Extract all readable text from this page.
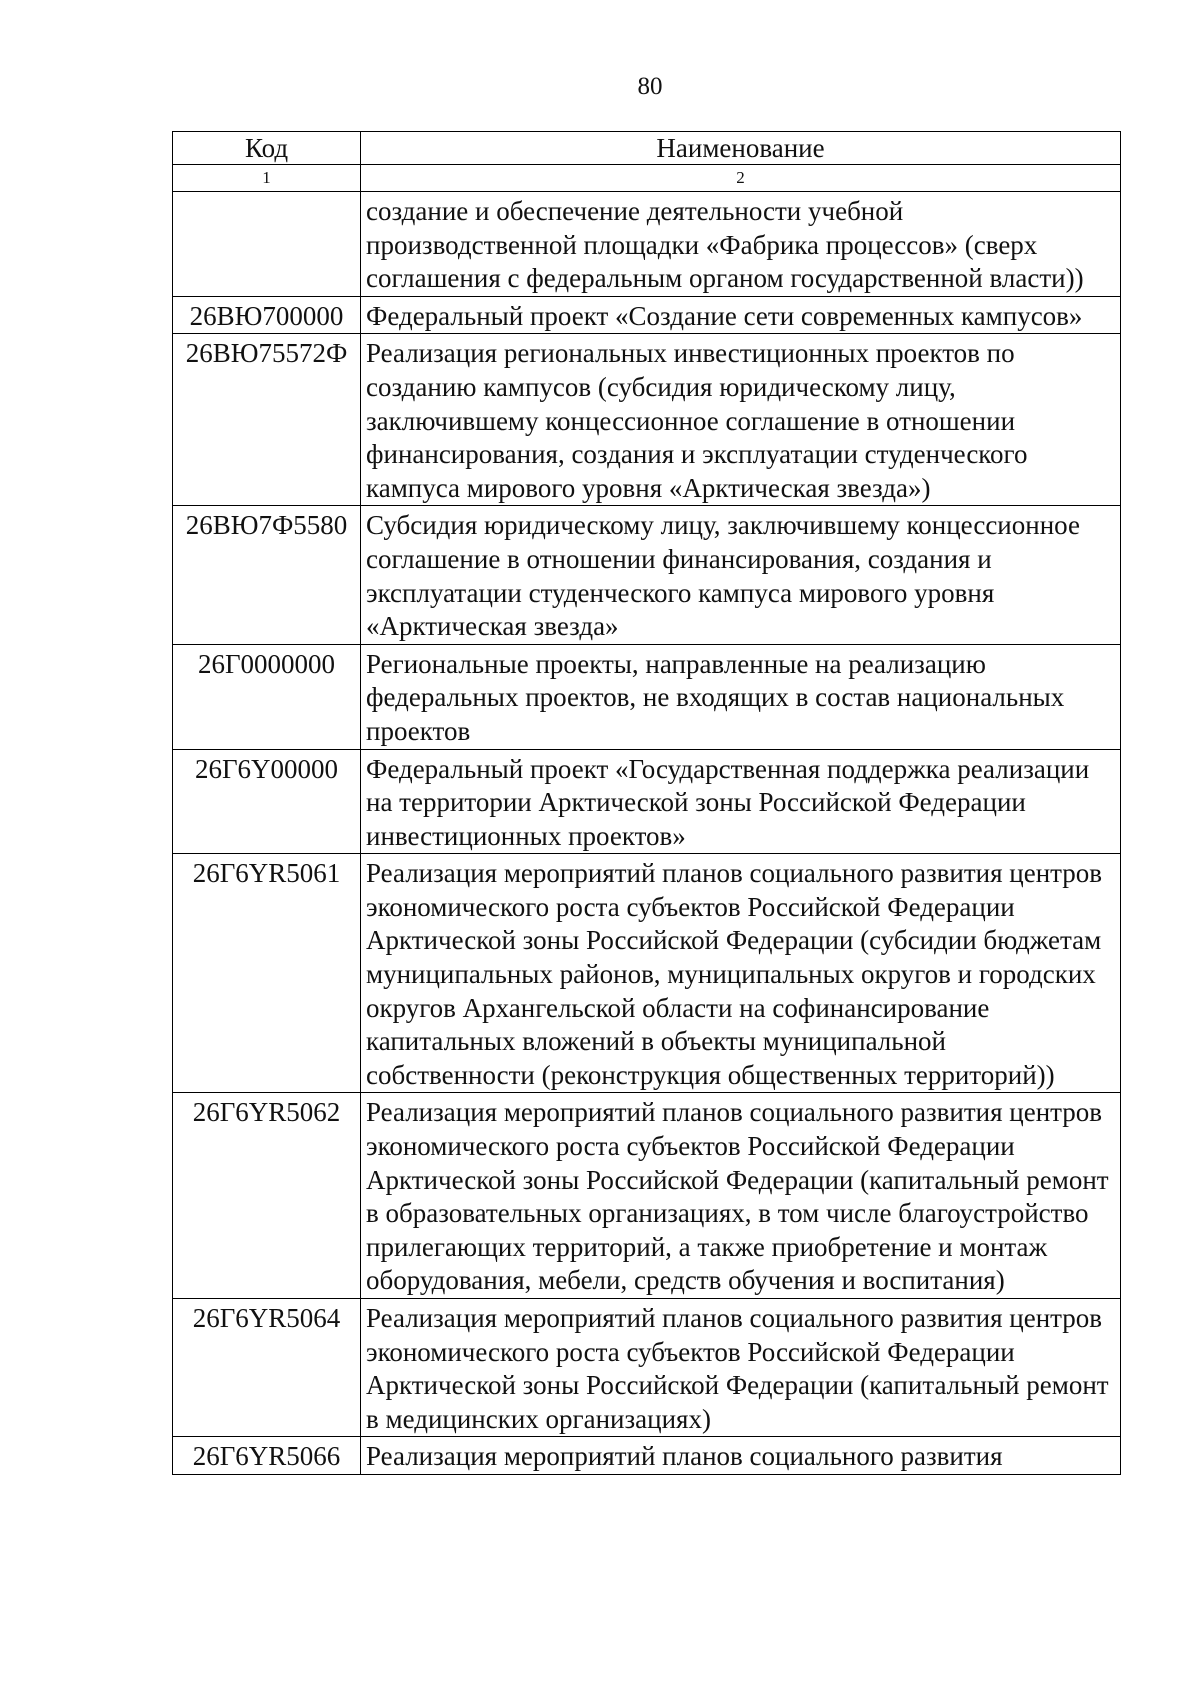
80
Код	Наименование
1	2
	создание и обеспечение деятельности учебной производственной площадки «Фабрика процессов» (сверх соглашения с федеральным органом государственной власти))
26ВЮ700000	Федеральный проект «Создание сети современных кампусов»
26ВЮ75572Ф	Реализация региональных инвестиционных проектов по созданию кампусов (субсидия юридическому лицу, заключившему концессионное соглашение в отношении финансирования, создания и эксплуатации студенческого кампуса мирового уровня «Арктическая звезда»)
26ВЮ7Ф5580	Субсидия юридическому лицу, заключившему концессионное соглашение в отношении финансирования, создания и эксплуатации студенческого кампуса мирового уровня «Арктическая звезда»
26Г0000000	Региональные проекты, направленные на реализацию федеральных проектов, не входящих в состав национальных проектов
26Г6Y00000	Федеральный проект «Государственная поддержка реализации на территории Арктической зоны Российской Федерации инвестиционных проектов»
26Г6YR5061	Реализация мероприятий планов социального развития центров экономического роста субъектов Российской Федерации Арктической зоны Российской Федерации (субсидии бюджетам муниципальных районов, муниципальных округов и городских округов Архангельской области на софинансирование капитальных вложений в объекты муниципальной собственности (реконструкция общественных территорий))
26Г6YR5062	Реализация мероприятий планов социального развития центров экономического роста субъектов Российской Федерации Арктической зоны Российской Федерации (капитальный ремонт в образовательных организациях, в том числе благоустройство прилегающих территорий, а также приобретение и монтаж оборудования, мебели, средств обучения и воспитания)
26Г6YR5064	Реализация мероприятий планов социального развития центров экономического роста субъектов Российской Федерации Арктической зоны Российской Федерации (капитальный ремонт в медицинских организациях)
26Г6YR5066	Реализация мероприятий планов социального развития
